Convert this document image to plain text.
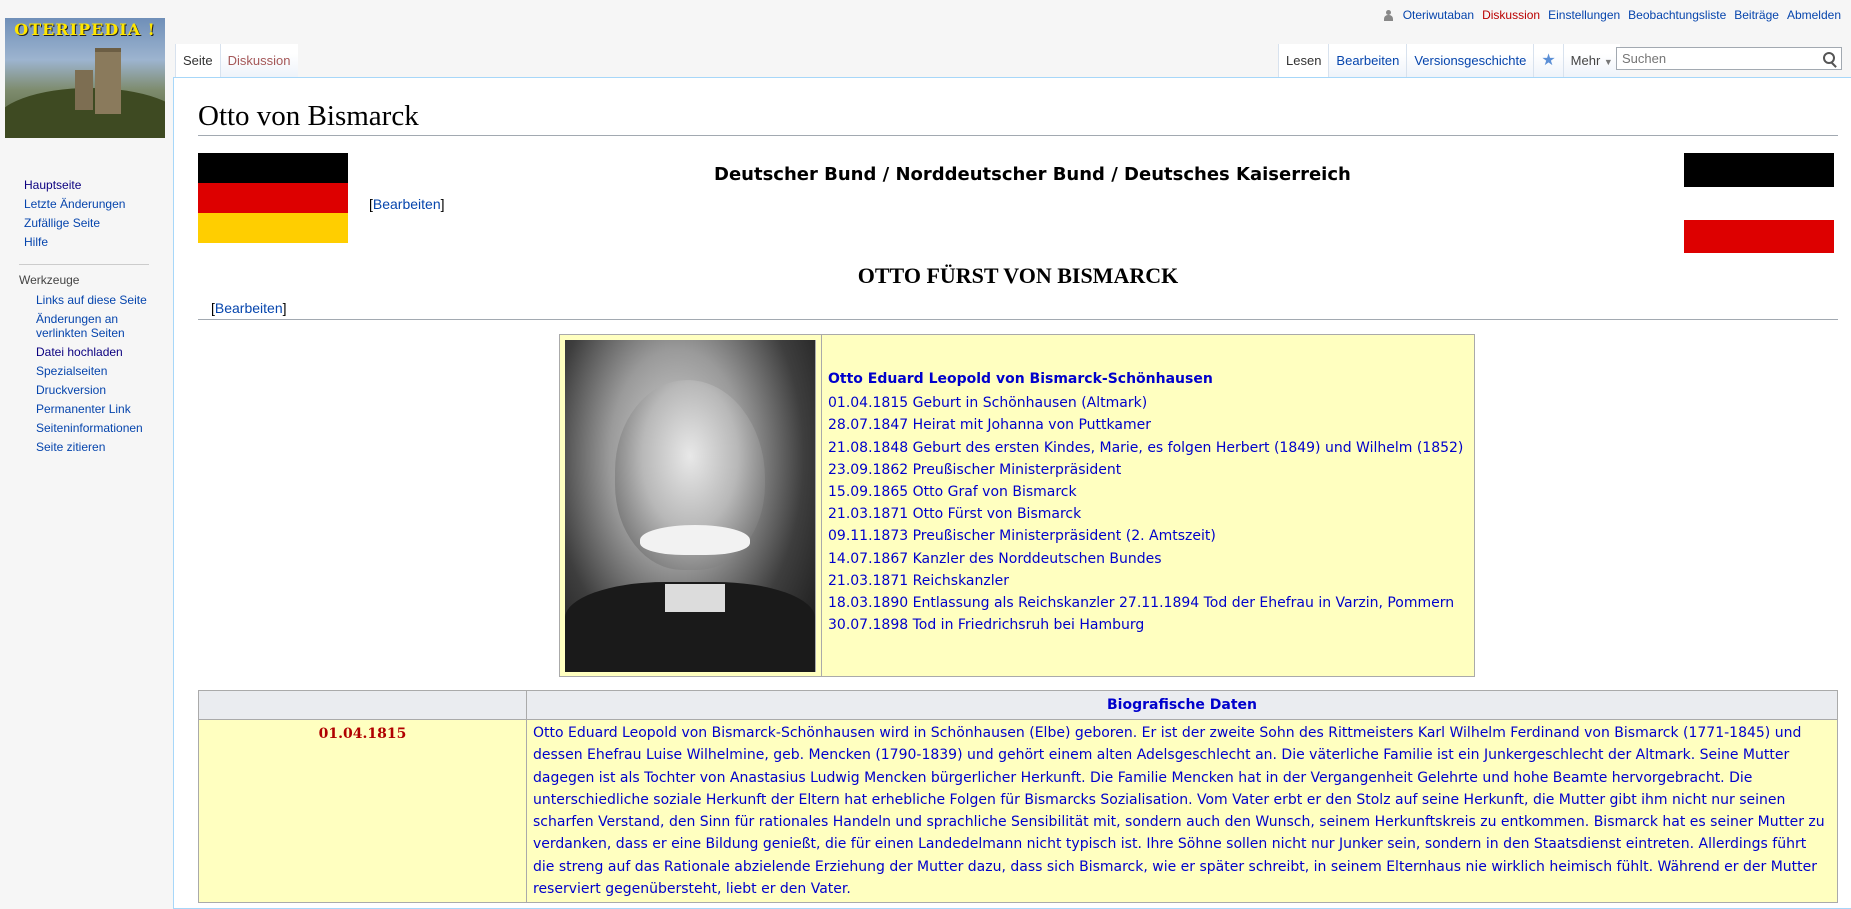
OTERIPEDIA !
Oteriwutaban Diskussion Einstellungen Beobachtungsliste Beiträge Abmelden
Seite	Diskussion	Lesen	Bearbeiten	Versionsgeschichte ★	Mehr ▼
Suchen
Hauptseite
Letzte Änderungen
Zufällige Seite
Hilfe
Werkzeuge
Links auf diese Seite
Änderungen an verlinkten Seiten
Datei hochladen
Spezialseiten
Druckversion
Permanenter Link
Seiteninformationen
Seite zitieren
Otto von Bismarck
Deutscher Bund / Norddeutscher Bund / Deutsches Kaiserreich
[Bearbeiten]
OTTO FÜRST VON BISMARCK
[Bearbeiten]
Otto Eduard Leopold von Bismarck-Schönhausen
01.04.1815 Geburt in Schönhausen (Altmark)
28.07.1847 Heirat mit Johanna von Puttkamer
21.08.1848 Geburt des ersten Kindes, Marie, es folgen Herbert (1849) und Wilhelm (1852)
23.09.1862 Preußischer Ministerpräsident
15.09.1865 Otto Graf von Bismarck
21.03.1871 Otto Fürst von Bismarck
09.11.1873 Preußischer Ministerpräsident (2. Amtszeit)
14.07.1867 Kanzler des Norddeutschen Bundes
21.03.1871 Reichskanzler
18.03.1890 Entlassung als Reichskanzler 27.11.1894 Tod der Ehefrau in Varzin, Pommern
30.07.1898 Tod in Friedrichsruh bei Hamburg
	Biografische Daten
01.04.1815	Otto Eduard Leopold von Bismarck-Schönhausen wird in Schönhausen (Elbe) geboren. Er ist der zweite Sohn des Rittmeisters Karl Wilhelm Ferdinand von Bismarck (1771-1845) und dessen Ehefrau Luise Wilhelmine, geb. Mencken (1790-1839) und gehört einem alten Adelsgeschlecht an. Die väterliche Familie ist ein Junkergeschlecht der Altmark. Seine Mutter dagegen ist als Tochter von Anastasius Ludwig Mencken bürgerlicher Herkunft. Die Familie Mencken hat in der Vergangenheit Gelehrte und hohe Beamte hervorgebracht. Die unterschiedliche soziale Herkunft der Eltern hat erhebliche Folgen für Bismarcks Sozialisation. Vom Vater erbt er den Stolz auf seine Herkunft, die Mutter gibt ihm nicht nur seinen scharfen Verstand, den Sinn für rationales Handeln und sprachliche Sensibilität mit, sondern auch den Wunsch, seinem Herkunftskreis zu entkommen. Bismarck hat es seiner Mutter zu verdanken, dass er eine Bildung genießt, die für einen Landedelmann nicht typisch ist. Ihre Söhne sollen nicht nur Junker sein, sondern in den Staatsdienst eintreten. Allerdings führt die streng auf das Rationale abzielende Erziehung der Mutter dazu, dass sich Bismarck, wie er später schreibt, in seinem Elternhaus nie wirklich heimisch fühlt. Während er der Mutter reserviert gegenübersteht, liebt er den Vater.
